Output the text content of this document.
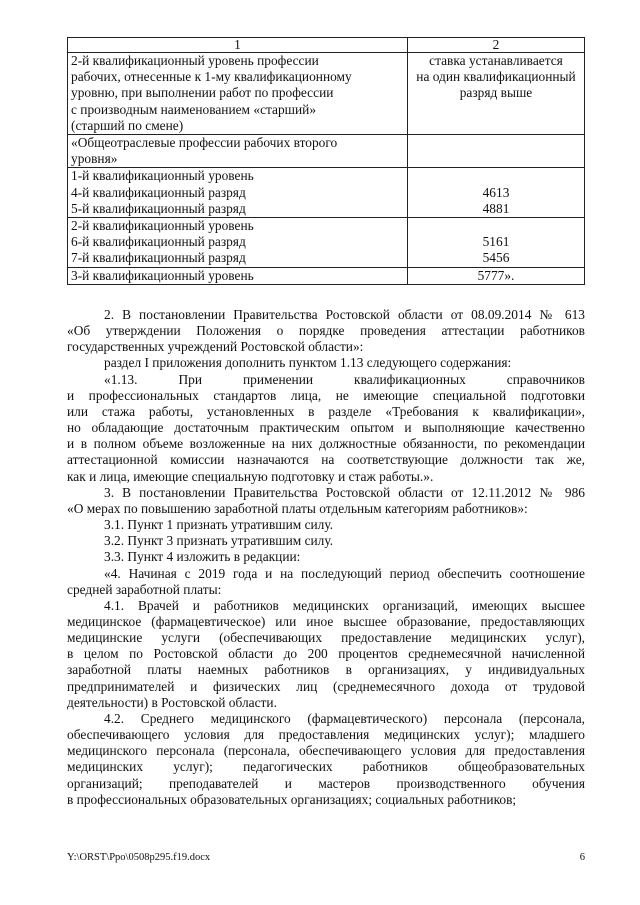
1	2

2-й квалификационный уровень профессии
рабочих, отнесенные к 1-му квалификационному
уровню, при выполнении работ по профессии
с производным наименованием «старший»
(старший по смене)	ставка устанавливается
на один квалификационный
разряд выше

«Общеотраслевые профессии рабочих второго
уровня»	

1-й квалификационный уровень
4-й квалификационный разряд
5-й квалификационный разряд	4613
4881

2-й квалификационный уровень
6-й квалификационный разряд
7-й квалификационный разряд	5161
5456

3-й квалификационный уровень	5777».
2. В постановлении Правительства Ростовской области от 08.09.2014 № 613
«Об утверждении Положения о порядке проведения аттестации работников
государственных учреждений Ростовской области»:
раздел I приложения дополнить пунктом 1.13 следующего содержания:
«1.13. При применении квалификационных справочников
и профессиональных стандартов лица, не имеющие специальной подготовки
или стажа работы, установленных в разделе «Требования к квалификации»,
но обладающие достаточным практическим опытом и выполняющие качественно
и в полном объеме возложенные на них должностные обязанности, по рекомендации
аттестационной комиссии назначаются на соответствующие должности так же,
как и лица, имеющие специальную подготовку и стаж работы.».
3. В постановлении Правительства Ростовской области от 12.11.2012 № 986
«О мерах по повышению заработной платы отдельным категориям работников»:
3.1. Пункт 1 признать утратившим силу.
3.2. Пункт 3 признать утратившим силу.
3.3. Пункт 4 изложить в редакции:
«4. Начиная с 2019 года и на последующий период обеспечить соотношение
средней заработной платы:
4.1. Врачей и работников медицинских организаций, имеющих высшее
медицинское (фармацевтическое) или иное высшее образование, предоставляющих
медицинские услуги (обеспечивающих предоставление медицинских услуг),
в целом по Ростовской области до 200 процентов среднемесячной начисленной
заработной платы наемных работников в организациях, у индивидуальных
предпринимателей и физических лиц (среднемесячного дохода от трудовой
деятельности) в Ростовской области.
4.2. Среднего медицинского (фармацевтического) персонала (персонала,
обеспечивающего условия для предоставления медицинских услуг); младшего
медицинского персонала (персонала, обеспечивающего условия для предоставления
медицинских услуг); педагогических работников общеобразовательных
организаций; преподавателей и мастеров производственного обучения
в профессиональных образовательных организациях; социальных работников;
Y:\ORST\Ppo\0508p295.f19.docx	6
